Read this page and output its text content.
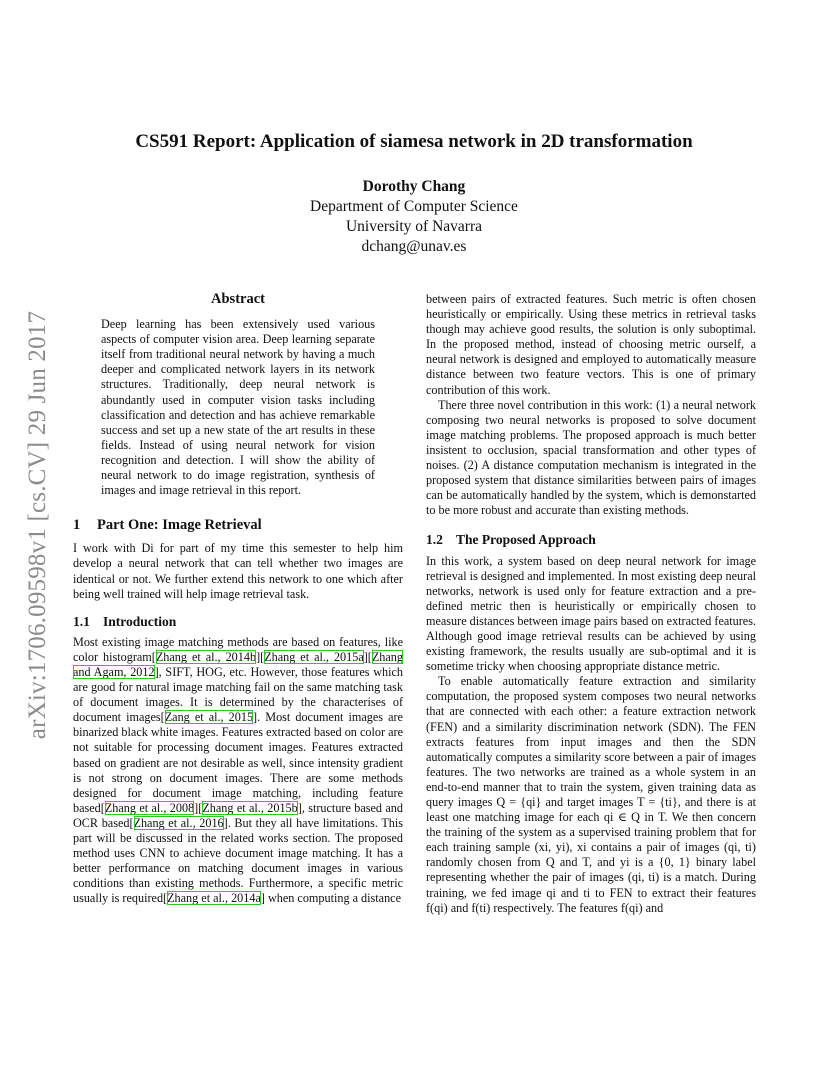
arXiv:1706.09598v1 [cs.CV] 29 Jun 2017
CS591 Report: Application of siamesa network in 2D transformation
Dorothy Chang
Department of Computer Science
University of Navarra
dchang@unav.es
Abstract

Deep learning has been extensively used various aspects of computer vision area. Deep learning separate itself from traditional neural network by having a much deeper and complicated network layers in its network structures. Traditionally, deep neural network is abundantly used in computer vision tasks including classification and detection and has achieve remarkable success and set up a new state of the art results in these fields. Instead of using neural network for vision recognition and detection. I will show the ability of neural network to do image registration, synthesis of images and image retrieval in this report.

1 Part One: Image Retrieval

I work with Di for part of my time this semester to help him develop a neural network that can tell whether two images are identical or not. We further extend this network to one which after being well trained will help image retrieval task.

1.1 Introduction

Most existing image matching methods are based on features, like color histogram[Zhang et al., 2014b][Zhang et al., 2015a][Zhang and Agam, 2012], SIFT, HOG, etc. However, those features which are good for natural image matching fail on the same matching task of document images. It is determined by the characterises of document images[Zang et al., 2015]. Most document images are binarized black white images. Features extracted based on color are not suitable for processing document images. Features extracted based on gradient are not desirable as well, since intensity gradient is not strong on document images. There are some methods designed for document image matching, including feature based[Zhang et al., 2008][Zhang et al., 2015b], structure based and OCR based[Zhang et al., 2016]. But they all have limitations. This part will be discussed in the related works section. The proposed method uses CNN to achieve document image matching. It has a better performance on matching document images in various conditions than existing methods. Furthermore, a specific metric usually is required[Zhang et al., 2014a] when computing a distance

between pairs of extracted features. Such metric is often chosen heuristically or empirically. Using these metrics in retrieval tasks though may achieve good results, the solution is only suboptimal. In the proposed method, instead of choosing metric ourself, a neural network is designed and employed to automatically measure distance between two feature vectors. This is one of primary contribution of this work.

There three novel contribution in this work: (1) a neural network composing two neural networks is proposed to solve document image matching problems. The proposed approach is much better insistent to occlusion, spacial transformation and other types of noises. (2) A distance computation mechanism is integrated in the proposed system that distance similarities between pairs of images can be automatically handled by the system, which is demonstarted to be more robust and accurate than existing methods.

1.2 The Proposed Approach

In this work, a system based on deep neural network for image retrieval is designed and implemented. In most existing deep neural networks, network is used only for feature extraction and a pre-defined metric then is heuristically or empirically chosen to measure distances between image pairs based on extracted features. Although good image retrieval results can be achieved by using existing framework, the results usually are sub-optimal and it is sometime tricky when choosing appropriate distance metric.

To enable automatically feature extraction and similarity computation, the proposed system composes two neural networks that are connected with each other: a feature extraction network (FEN) and a similarity discrimination network (SDN). The FEN extracts features from input images and then the SDN automatically computes a similarity score between a pair of images features. The two networks are trained as a whole system in an end-to-end manner that to train the system, given training data as query images Q = {qi} and target images T = {ti}, and there is at least one matching image for each qi ∈ Q in T. We then concern the training of the system as a supervised training problem that for each training sample (xi, yi), xi contains a pair of images (qi, ti) randomly chosen from Q and T, and yi is a {0, 1} binary label representing whether the pair of images (qi, ti) is a match. During training, we fed image qi and ti to FEN to extract their features f(qi) and f(ti) respectively. The features f(qi) and
